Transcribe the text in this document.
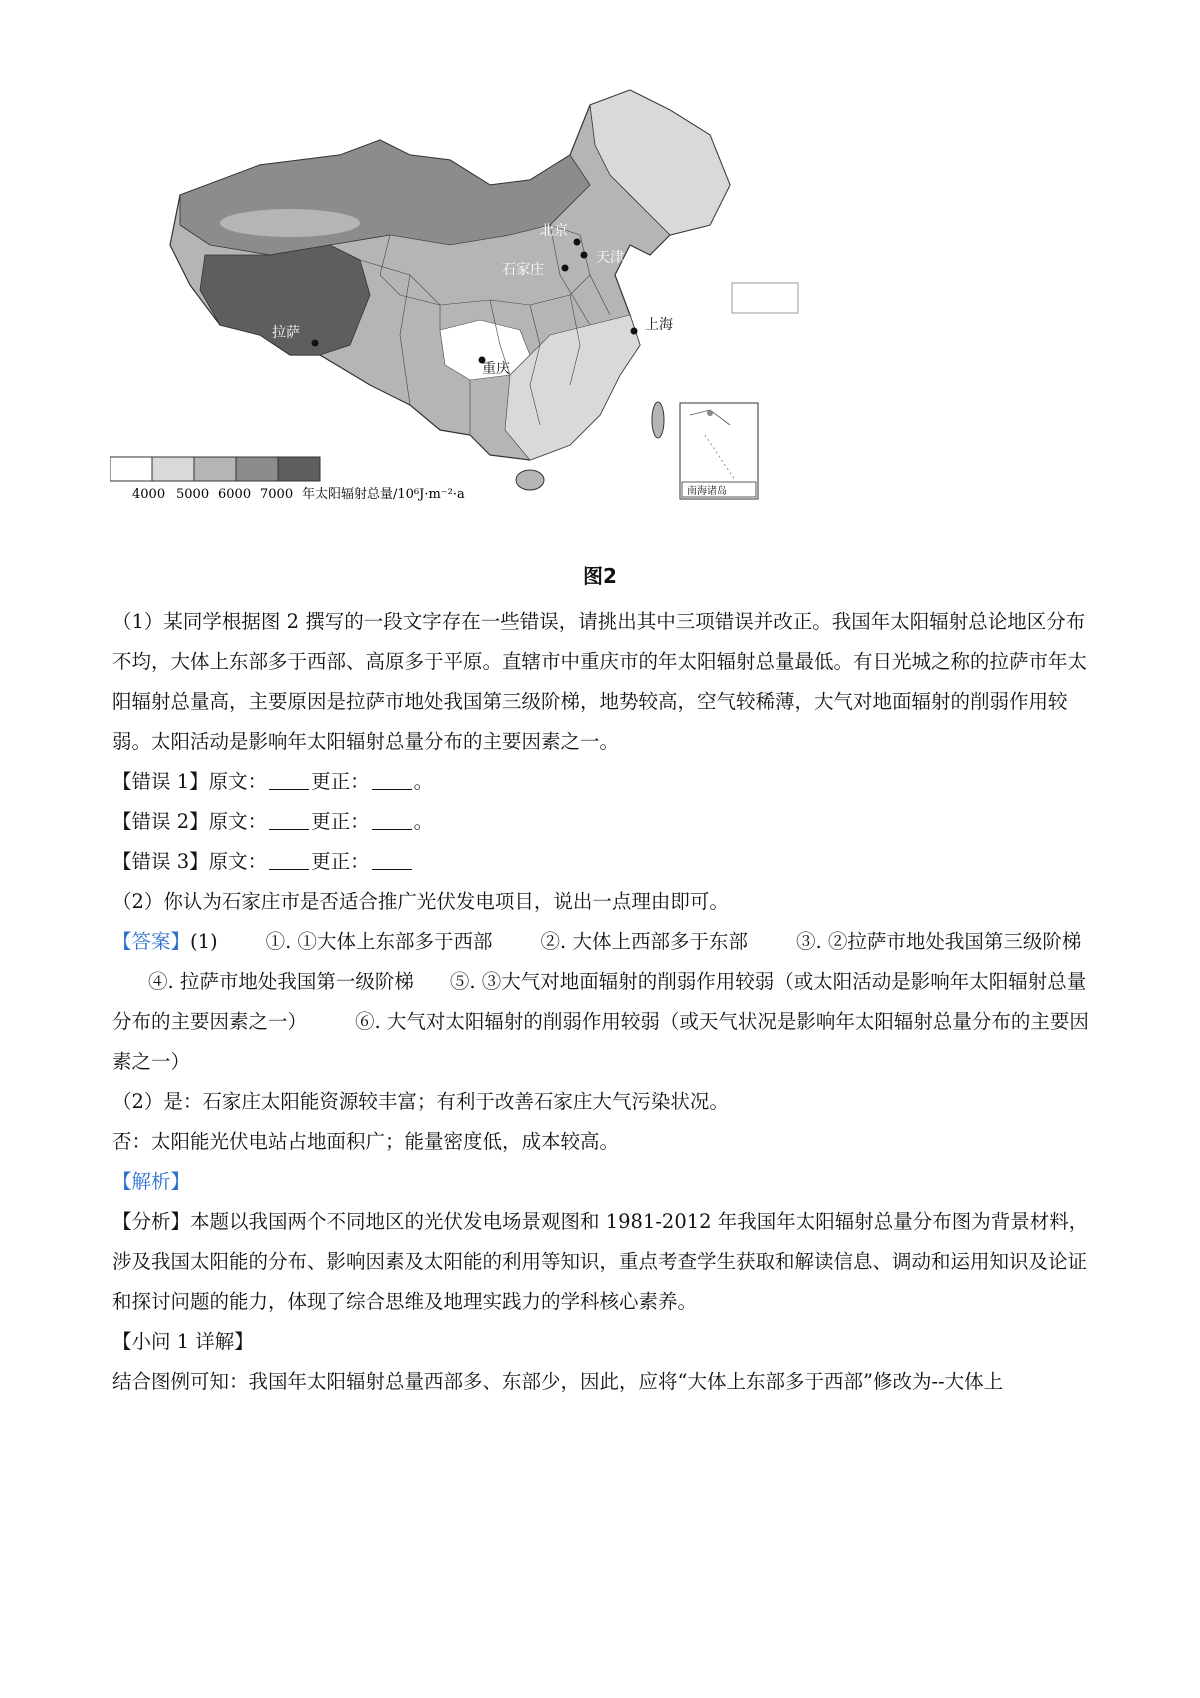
北京
天津
石家庄
上海
拉萨
重庆
南海诸岛
4000 5000 6000 7000 年太阳辐射总量/10⁶J·m⁻²·a
图2

（1）某同学根据图 2 撰写的一段文字存在一些错误，请挑出其中三项错误并改正。我国年太阳辐射总论地区分布不均，大体上东部多于西部、高原多于平原。直辖市中重庆市的年太阳辐射总量最低。有日光城之称的拉萨市年太阳辐射总量高，主要原因是拉萨市地处我国第三级阶梯，地势较高，空气较稀薄，大气对地面辐射的削弱作用较弱。太阳活动是影响年太阳辐射总量分布的主要因素之一。

【错误 1】原文： 更正： 。

【错误 2】原文： 更正： 。

【错误 3】原文： 更正：

（2）你认为石家庄市是否适合推广光伏发电项目，说出一点理由即可。

【答案】(1) ①. ①大体上东部多于西部 ②. 大体上西部多于东部 ③. ②拉萨市地处我国第三级阶梯④. 拉萨市地处我国第一级阶梯 ⑤. ③大气对地面辐射的削弱作用较弱（或太阳活动是影响年太阳辐射总量分布的主要因素之一） ⑥. 大气对太阳辐射的削弱作用较弱（或天气状况是影响年太阳辐射总量分布的主要因素之一）

（2）是：石家庄太阳能资源较丰富；有利于改善石家庄大气污染状况。

否：太阳能光伏电站占地面积广；能量密度低，成本较高。

【解析】

【分析】本题以我国两个不同地区的光伏发电场景观图和 1981-2012 年我国年太阳辐射总量分布图为背景材料，涉及我国太阳能的分布、影响因素及太阳能的利用等知识，重点考查学生获取和解读信息、调动和运用知识及论证和探讨问题的能力，体现了综合思维及地理实践力的学科核心素养。

【小问 1 详解】

结合图例可知：我国年太阳辐射总量西部多、东部少，因此，应将“大体上东部多于西部”修改为--大体上
